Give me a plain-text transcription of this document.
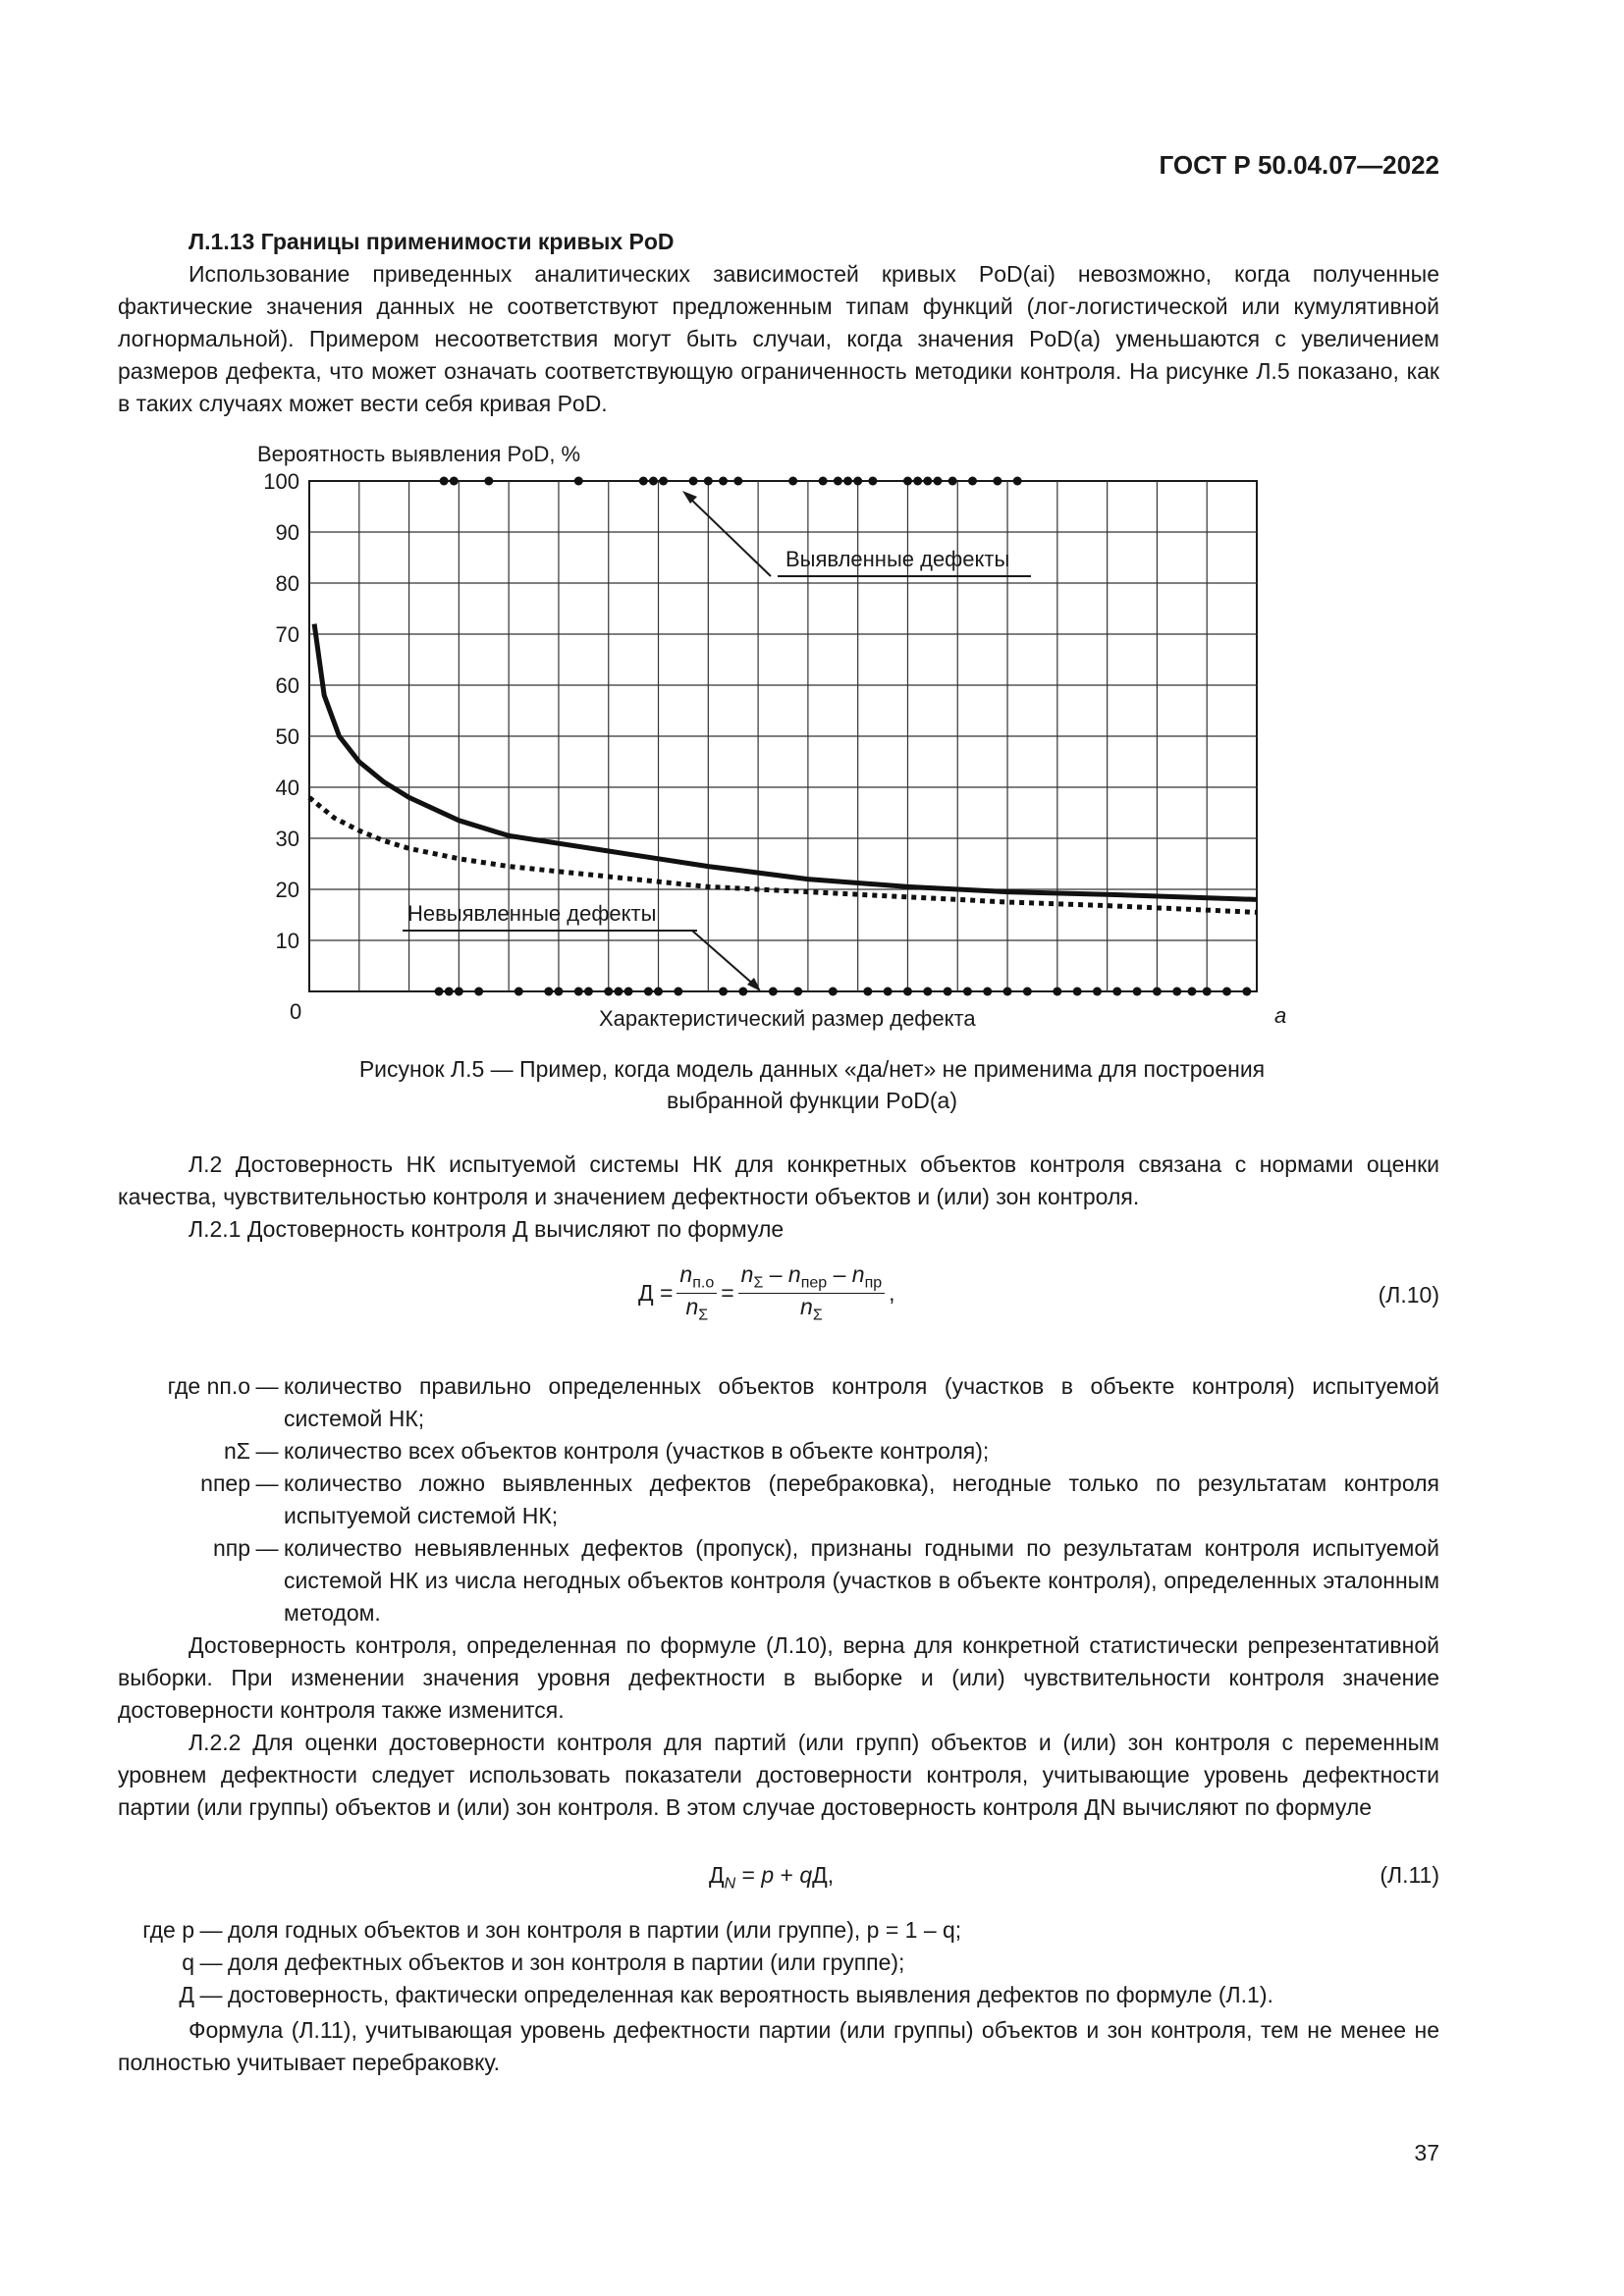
ГОСТ Р 50.04.07—2022

Л.1.13 Границы применимости кривых PoD

Использование приведенных аналитических зависимостей кривых PoD(ai) невозможно, когда полученные фактические значения данных не соответствуют предложенным типам функций (лог-логистической или кумулятивной логнормальной). Примером несоответствия могут быть случаи, когда значения PoD(a) уменьшаются с увеличением размеров дефекта, что может означать соответствующую ограниченность методики контроля. На рисунке Л.5 показано, как в таких случаях может вести себя кривая PoD.

Вероятность выявления PoD, %
10
20
30
40
50
60
70
80
90
100
Выявленные дефекты
Невыявленные дефекты
0	Характеристический размер дефекта	a
Рисунок Л.5 — Пример, когда модель данных «да/нет» не применима для построения
выбранной функции PoD(a)

Л.2 Достоверность НК испытуемой системы НК для конкретных объектов контроля связана с нормами оценки качества, чувствительностью контроля и значением дефектности объектов и (или) зон контроля.

Л.2.1 Достоверность контроля Д вычисляют по формуле

$Д = \frac{n_{п.о}}{n_\Sigma} = \frac{n_\Sigma - n_{пер} - n_{пр}}{n_\Sigma}$ ,	(Л.10)
где nп.о — количество правильно определенных объектов контроля (участков в объекте контроля) испытуемой системой НК;
nΣ — количество всех объектов контроля (участков в объекте контроля);
nпер — количество ложно выявленных дефектов (перебраковка), негодные только по результатам контроля испытуемой системой НК;
nпр — количество невыявленных дефектов (пропуск), признаны годными по результатам контроля испытуемой системой НК из числа негодных объектов контроля (участков в объекте контроля), определенных эталонным методом.

Достоверность контроля, определенная по формуле (Л.10), верна для конкретной статистически репрезентативной выборки. При изменении значения уровня дефектности в выборке и (или) чувствительности контроля значение достоверности контроля также изменится.

Л.2.2 Для оценки достоверности контроля для партий (или групп) объектов и (или) зон контроля с переменным уровнем дефектности следует использовать показатели достоверности контроля, учитывающие уровень дефектности партии (или группы) объектов и (или) зон контроля. В этом случае достоверность контроля ДN вычисляют по формуле

$Д_N = p$ + qД,	(Л.11)
где p — доля годных объектов и зон контроля в партии (или группе), p = 1 – q;
q — доля дефектных объектов и зон контроля в партии (или группе);
Д — достоверность, фактически определенная как вероятность выявления дефектов по формуле (Л.1).

Формула (Л.11), учитывающая уровень дефектности партии (или группы) объектов и зон контроля, тем не менее не полностью учитывает перебраковку.

37
